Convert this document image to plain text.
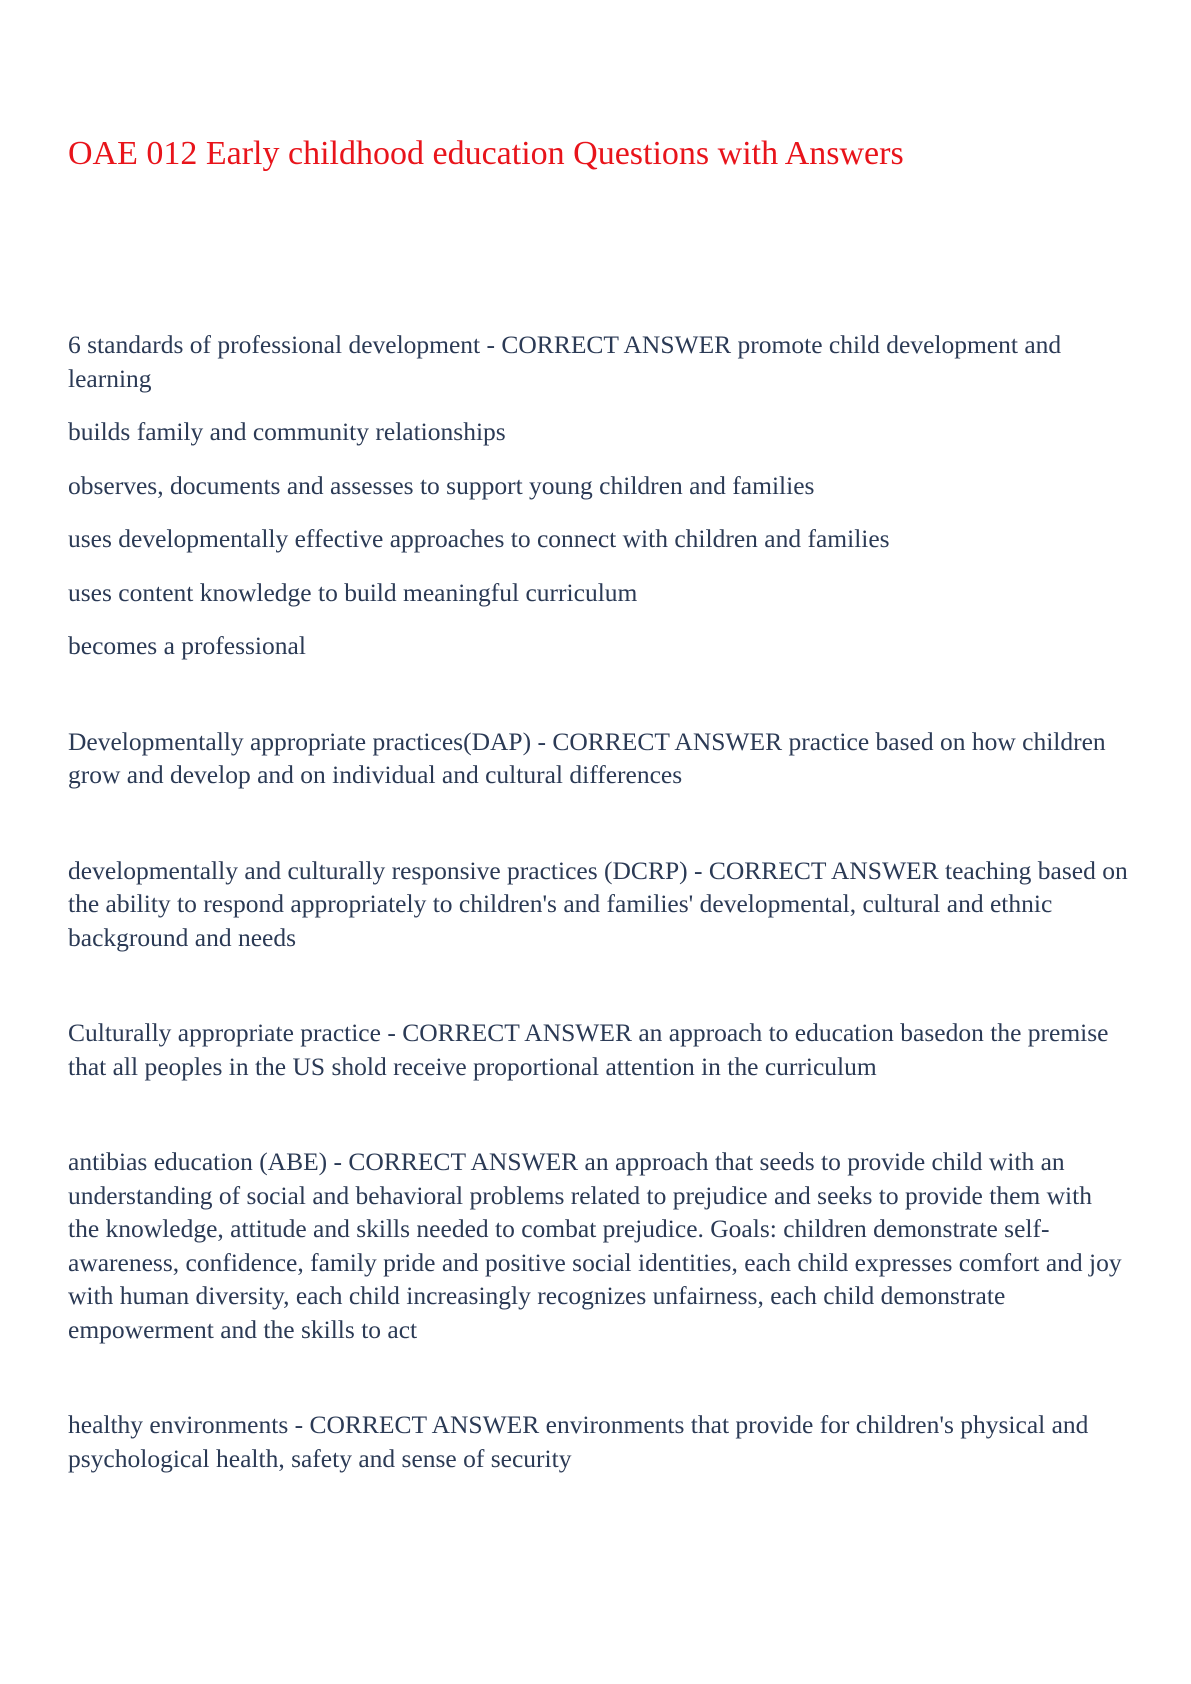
OAE 012 Early childhood education Questions with Answers

6 standards of professional development - CORRECT ANSWER promote child development and learning

builds family and community relationships

observes, documents and assesses to support young children and families

uses developmentally effective approaches to connect with children and families

uses content knowledge to build meaningful curriculum

becomes a professional

Developmentally appropriate practices(DAP) - CORRECT ANSWER practice based on how children grow and develop and on individual and cultural differences

developmentally and culturally responsive practices (DCRP) - CORRECT ANSWER teaching based on the ability to respond appropriately to children's and families' developmental, cultural and ethnic background and needs

Culturally appropriate practice - CORRECT ANSWER an approach to education basedon the premise that all peoples in the US shold receive proportional attention in the curriculum

antibias education (ABE) - CORRECT ANSWER an approach that seeds to provide child with an understanding of social and behavioral problems related to prejudice and seeks to provide them with the knowledge, attitude and skills needed to combat prejudice. Goals: children demonstrate self-awareness, confidence, family pride and positive social identities, each child expresses comfort and joy with human diversity, each child increasingly recognizes unfairness, each child demonstrate empowerment and the skills to act

healthy environments - CORRECT ANSWER environments that provide for children's physical and psychological health, safety and sense of security
